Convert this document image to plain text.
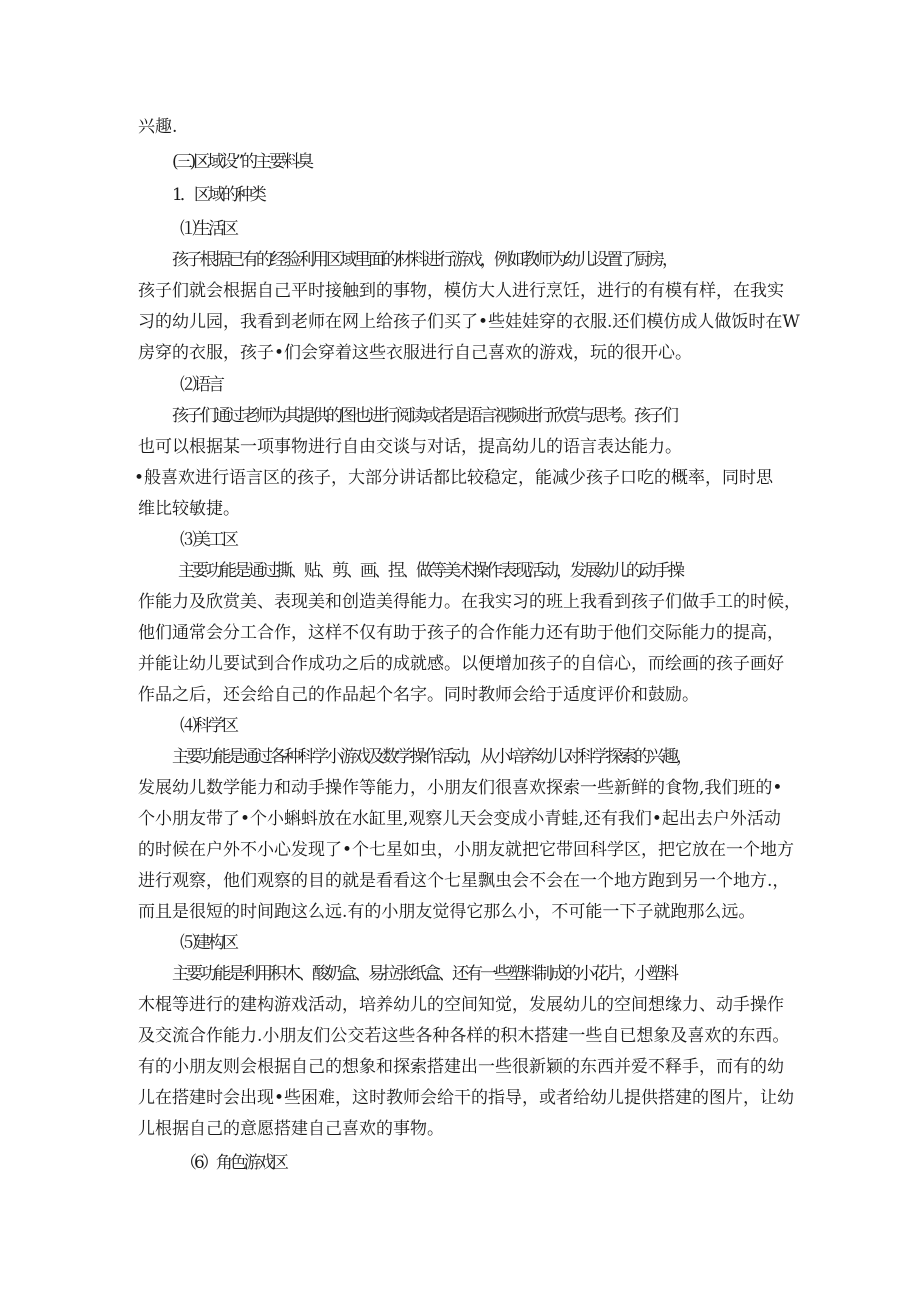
兴趣.
(三)区域设”的主要料臭
1．区域的种类
⑴生活区
孩子根据已有的经验利用区域里面的材料进行游戏，例如教师为幼儿设置了厨房，
孩子们就会根据自己平时接触到的事物，模仿大人进行烹饪，进行的有模有样，在我实
习的幼儿园，我看到老师在网上给孩子们买了•些娃娃穿的衣服.还们模仿成人做饭时在W
房穿的衣服，孩子•们会穿着这些衣服进行自己喜欢的游戏，玩的很开心。
⑵语言
孩子们通过老师为其提供的图也进行阅读或者是语言视频进行欣赏与思考。孩子们
也可以根据某一项事物进行自由交谈与对话，提高幼儿的语言表达能力。
•般喜欢进行语言区的孩子，大部分讲话都比较稳定，能减少孩子口吃的概率，同时思
维比较敏捷。
⑶美工区
主要功能是通过撕、贴、剪、画、捏、做等美术操作表现活动，发展幼儿的动手操
作能力及欣赏美、表现美和创造美得能力。在我实习的班上我看到孩子们做手工的时候，
他们通常会分工合作，这样不仅有助于孩子的合作能力还有助于他们交际能力的提高，
并能让幼儿要试到合作成功之后的成就感。以便增加孩子的自信心，而绘画的孩子画好
作品之后，还会给自己的作品起个名字。同时教师会给于适度评价和鼓励。
⑷科学区
主要功能是通过各种科学小游戏及数学操作活动，从小培养幼儿对科学探索的兴趣，
发展幼儿数学能力和动手操作等能力，小朋友们很喜欢探索一些新鲜的食物,我们班的•
个小朋友带了•个小蝌蚪放在水缸里,观察儿天会变成小青蛙,还有我们•起出去户外活动
的时候在户外不小心发现了•个七星如虫，小朋友就把它带回科学区，把它放在一个地方
进行观察，他们观察的目的就是看看这个七星飘虫会不会在一个地方跑到另一个地方.，
而且是很短的时间跑这么远.有的小朋友觉得它那么小，不可能一下子就跑那么远。
⑸建构区
主要功能是利用积木、酸奶盒、易拉张纸盒、还有一些塑料制成的小花片，小塑料
木棍等进行的建构游戏活动，培养幼儿的空间知觉，发展幼儿的空间想缘力、动手操作
及交流合作能力.小朋友们公交若这些各种各样的积木搭建一些自已想象及喜欢的东西。
有的小朋友则会根据自己的想象和探索搭建出一些很新颖的东西并爱不释手，而有的幼
儿在搭建时会出现•些困难，这时教师会给干的指导，或者给幼儿提供搭建的图片，让幼
儿根据自己的意愿搭建自己喜欢的事物。
（6）角色游戏区
